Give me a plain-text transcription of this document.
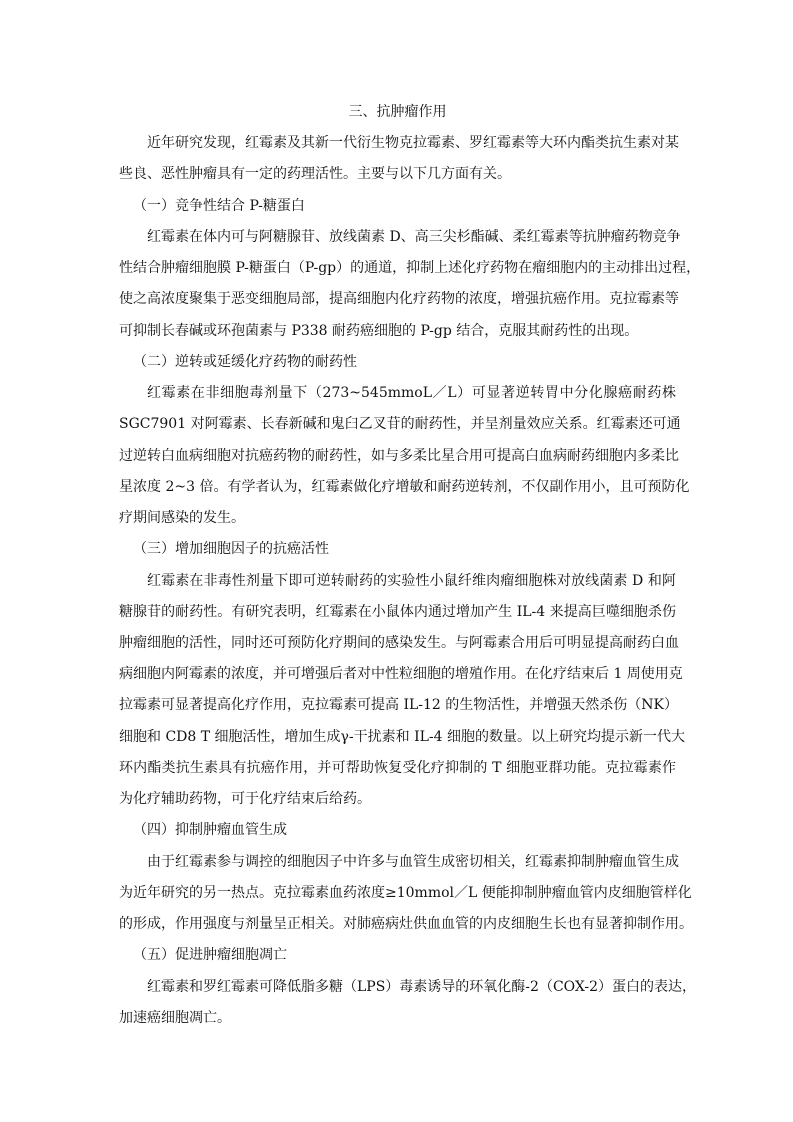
三、抗肿瘤作用
近年研究发现，红霉素及其新一代衍生物克拉霉素、罗红霉素等大环内酯类抗生素对某
些良、恶性肿瘤具有一定的药理活性。主要与以下几方面有关。
（一）竞争性结合 P-糖蛋白
红霉素在体内可与阿糖腺苷、放线菌素 D、高三尖杉酯碱、柔红霉素等抗肿瘤药物竞争
性结合肿瘤细胞膜 P-糖蛋白（P-gp）的通道，抑制上述化疗药物在瘤细胞内的主动排出过程，
使之高浓度聚集于恶变细胞局部，提高细胞内化疗药物的浓度，增强抗癌作用。克拉霉素等
可抑制长春碱或环孢菌素与 P338 耐药癌细胞的 P-gp 结合，克服其耐药性的出现。
（二）逆转或延缓化疗药物的耐药性
红霉素在非细胞毒剂量下（273~545mmoL／L）可显著逆转胃中分化腺癌耐药株
SGC7901 对阿霉素、长春新碱和鬼臼乙叉苷的耐药性，并呈剂量效应关系。红霉素还可通
过逆转白血病细胞对抗癌药物的耐药性，如与多柔比星合用可提高白血病耐药细胞内多柔比
星浓度 2~3 倍。有学者认为，红霉素做化疗增敏和耐药逆转剂，不仅副作用小，且可预防化
疗期间感染的发生。
（三）增加细胞因子的抗癌活性
红霉素在非毒性剂量下即可逆转耐药的实验性小鼠纤维肉瘤细胞株对放线菌素 D 和阿
糖腺苷的耐药性。有研究表明，红霉素在小鼠体内通过增加产生 IL-4 来提高巨噬细胞杀伤
肿瘤细胞的活性，同时还可预防化疗期间的感染发生。与阿霉素合用后可明显提高耐药白血
病细胞内阿霉素的浓度，并可增强后者对中性粒细胞的增殖作用。在化疗结束后 1 周使用克
拉霉素可显著提高化疗作用，克拉霉素可提高 IL-12 的生物活性，并增强天然杀伤（NK）
细胞和 CD8 T 细胞活性，增加生成γ-干扰素和 IL-4 细胞的数量。以上研究均提示新一代大
环内酯类抗生素具有抗癌作用，并可帮助恢复受化疗抑制的 T 细胞亚群功能。克拉霉素作
为化疗辅助药物，可于化疗结束后给药。
（四）抑制肿瘤血管生成
由于红霉素参与调控的细胞因子中许多与血管生成密切相关，红霉素抑制肿瘤血管生成
为近年研究的另一热点。克拉霉素血药浓度≥10mmol／L 便能抑制肿瘤血管内皮细胞管样化
的形成，作用强度与剂量呈正相关。对肺癌病灶供血血管的内皮细胞生长也有显著抑制作用。
（五）促进肿瘤细胞凋亡
红霉素和罗红霉素可降低脂多糖（LPS）毒素诱导的环氧化酶-2（COX-2）蛋白的表达，
加速癌细胞凋亡。
